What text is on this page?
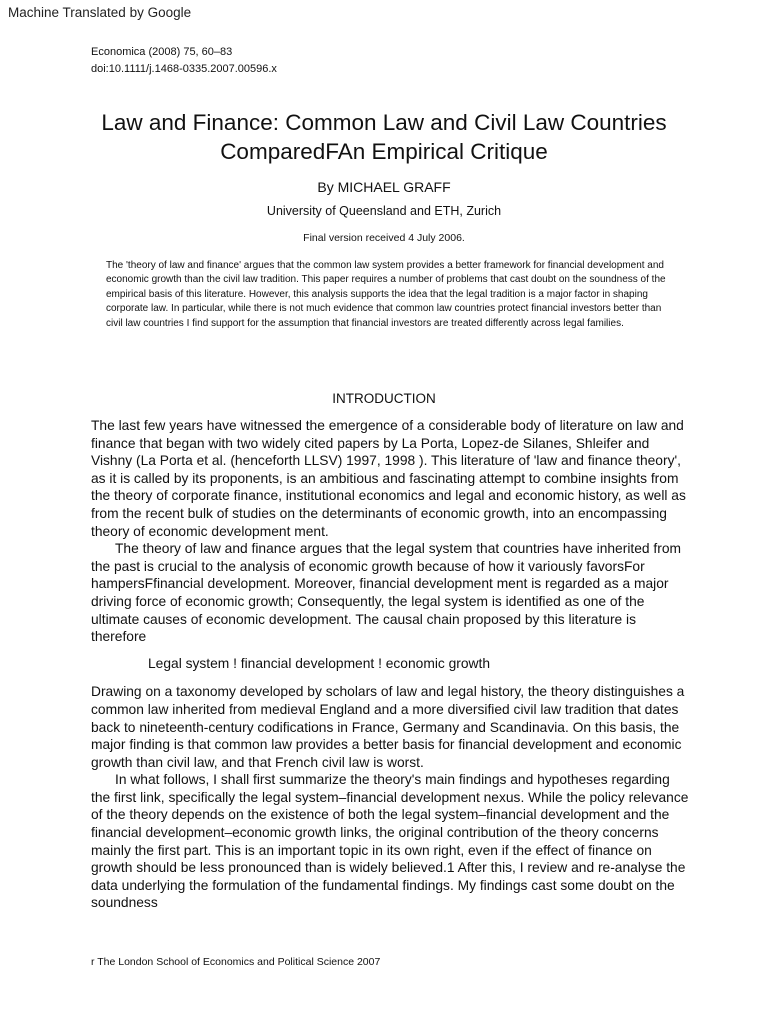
Machine Translated by Google
Economica (2008) 75, 60–83
doi:10.1111/j.1468-0335.2007.00596.x
Law and Finance: Common Law and Civil Law Countries
ComparedFAn Empirical Critique
By MICHAEL GRAFF
University of Queensland and ETH, Zurich
Final version received 4 July 2006.
The 'theory of law and finance' argues that the common law system provides a better framework for financial development and economic growth than the civil law tradition. This paper requires a number of problems that cast doubt on the soundness of the empirical basis of this literature. However, this analysis supports the idea that the legal tradition is a major factor in shaping corporate law. In particular, while there is not much evidence that common law countries protect financial investors better than civil law countries I find support for the assumption that financial investors are treated differently across legal families.
INTRODUCTION

The last few years have witnessed the emergence of a considerable body of literature on law and finance that began with two widely cited papers by La Porta, Lopez-de Silanes, Shleifer and Vishny (La Porta et al. (henceforth LLSV) 1997, 1998 ). This literature of 'law and finance theory', as it is called by its proponents, is an ambitious and fascinating attempt to combine insights from the theory of corporate finance, institutional economics and legal and economic history, as well as from the recent bulk of studies on the determinants of economic growth, into an encompassing theory of economic development ment.

The theory of law and finance argues that the legal system that countries have inherited from the past is crucial to the analysis of economic growth because of how it variously favorsFor hampersFfinancial development. Moreover, financial development ment is regarded as a major driving force of economic growth; Consequently, the legal system is identified as one of the ultimate causes of economic development. The causal chain proposed by this literature is therefore

Legal system ! financial development ! economic growth

Drawing on a taxonomy developed by scholars of law and legal history, the theory distinguishes a common law inherited from medieval England and a more diversified civil law tradition that dates back to nineteenth-century codifications in France, Germany and Scandinavia. On this basis, the major finding is that common law provides a better basis for financial development and economic growth than civil law, and that French civil law is worst.

In what follows, I shall first summarize the theory's main findings and hypotheses regarding the first link, specifically the legal system–financial development nexus. While the policy relevance of the theory depends on the existence of both the legal system–financial development and the financial development–economic growth links, the original contribution of the theory concerns mainly the first part. This is an important topic in its own right, even if the effect of finance on growth should be less pronounced than is widely believed.1 After this, I review and re-analyse the data underlying the formulation of the fundamental findings. My findings cast some doubt on the soundness

r The London School of Economics and Political Science 2007
